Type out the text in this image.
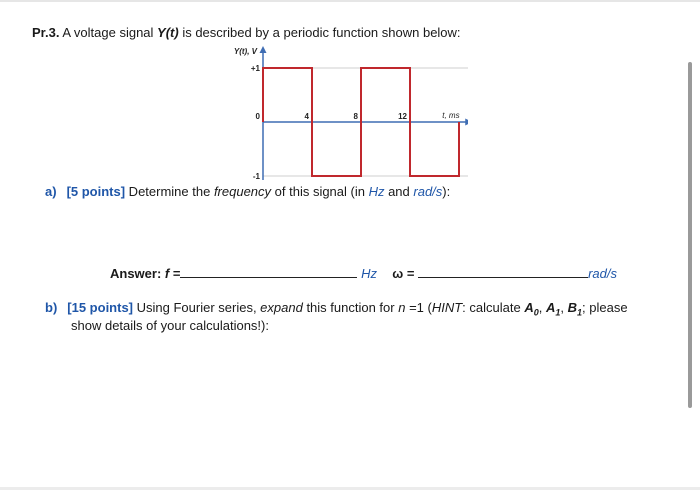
Pr.3. A voltage signal Y(t) is described by a periodic function shown below:
0	4	8	12
+1
-1
Y(t), V
t, ms
a) [5 points] Determine the frequency of this signal (in Hz and rad/s):
Answer: f =	Hz ω =	rad/s
b) [15 points] Using Fourier series, expand this function for n =1 (HINT: calculate $A_0$, $A_1$, $B_1$; please
show details of your calculations!):
